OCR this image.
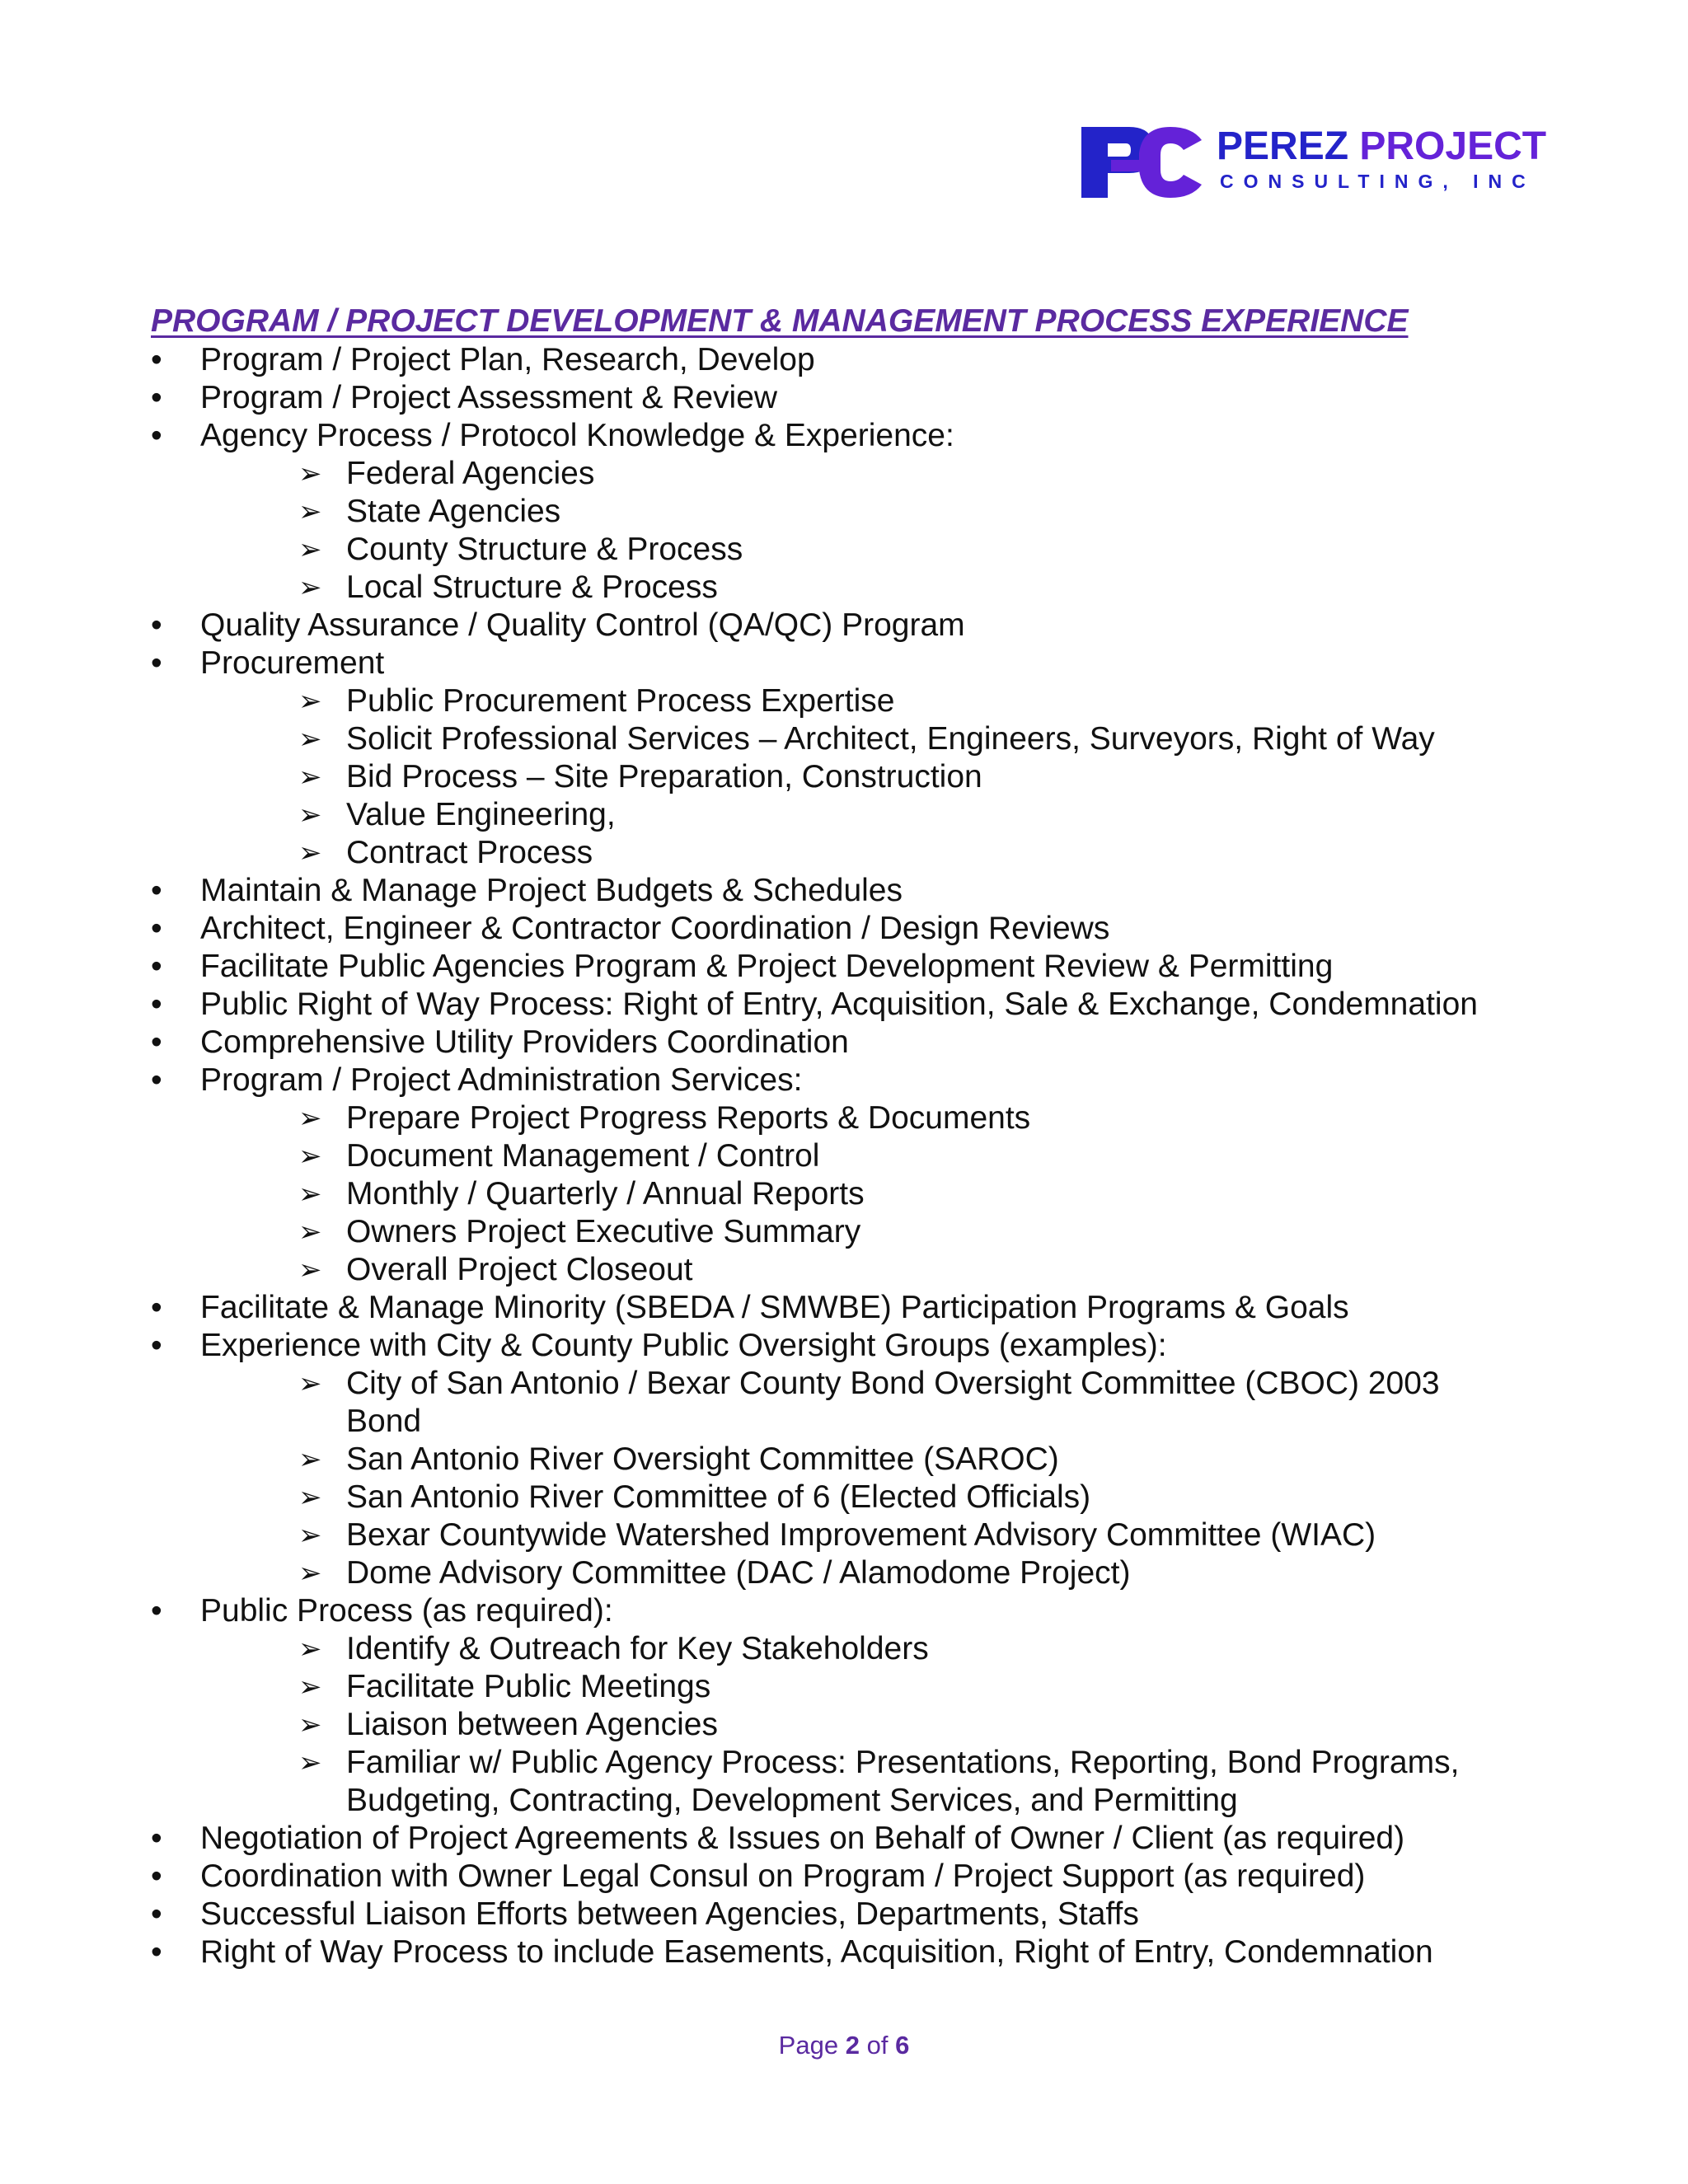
PEREZ PROJECT
CONSULTING, INC
PROGRAM / PROJECT DEVELOPMENT & MANAGEMENT PROCESS EXPERIENCE
• Program / Project Plan, Research, Develop
• Program / Project Assessment & Review
• Agency Process / Protocol Knowledge & Experience:
➢ Federal Agencies
➢ State Agencies
➢ County Structure & Process
➢ Local Structure & Process
• Quality Assurance / Quality Control (QA/QC) Program
• Procurement
➢ Public Procurement Process Expertise
➢ Solicit Professional Services – Architect, Engineers, Surveyors, Right of Way
➢ Bid Process – Site Preparation, Construction
➢ Value Engineering,
➢ Contract Process
• Maintain & Manage Project Budgets & Schedules
• Architect, Engineer & Contractor Coordination / Design Reviews
• Facilitate Public Agencies Program & Project Development Review & Permitting
• Public Right of Way Process: Right of Entry, Acquisition, Sale & Exchange, Condemnation
• Comprehensive Utility Providers Coordination
• Program / Project Administration Services:
➢ Prepare Project Progress Reports & Documents
➢ Document Management / Control
➢ Monthly / Quarterly / Annual Reports
➢ Owners Project Executive Summary
➢ Overall Project Closeout
• Facilitate & Manage Minority (SBEDA / SMWBE) Participation Programs & Goals
• Experience with City & County Public Oversight Groups (examples):
➢ City of San Antonio / Bexar County Bond Oversight Committee (CBOC) 2003
Bond
➢ San Antonio River Oversight Committee (SAROC)
➢ San Antonio River Committee of 6 (Elected Officials)
➢ Bexar Countywide Watershed Improvement Advisory Committee (WIAC)
➢ Dome Advisory Committee (DAC / Alamodome Project)
• Public Process (as required):
➢ Identify & Outreach for Key Stakeholders
➢ Facilitate Public Meetings
➢ Liaison between Agencies
➢ Familiar w/ Public Agency Process: Presentations, Reporting, Bond Programs,
Budgeting, Contracting, Development Services, and Permitting
• Negotiation of Project Agreements & Issues on Behalf of Owner / Client (as required)
• Coordination with Owner Legal Consul on Program / Project Support (as required)
• Successful Liaison Efforts between Agencies, Departments, Staffs
• Right of Way Process to include Easements, Acquisition, Right of Entry, Condemnation
Page 2 of 6
